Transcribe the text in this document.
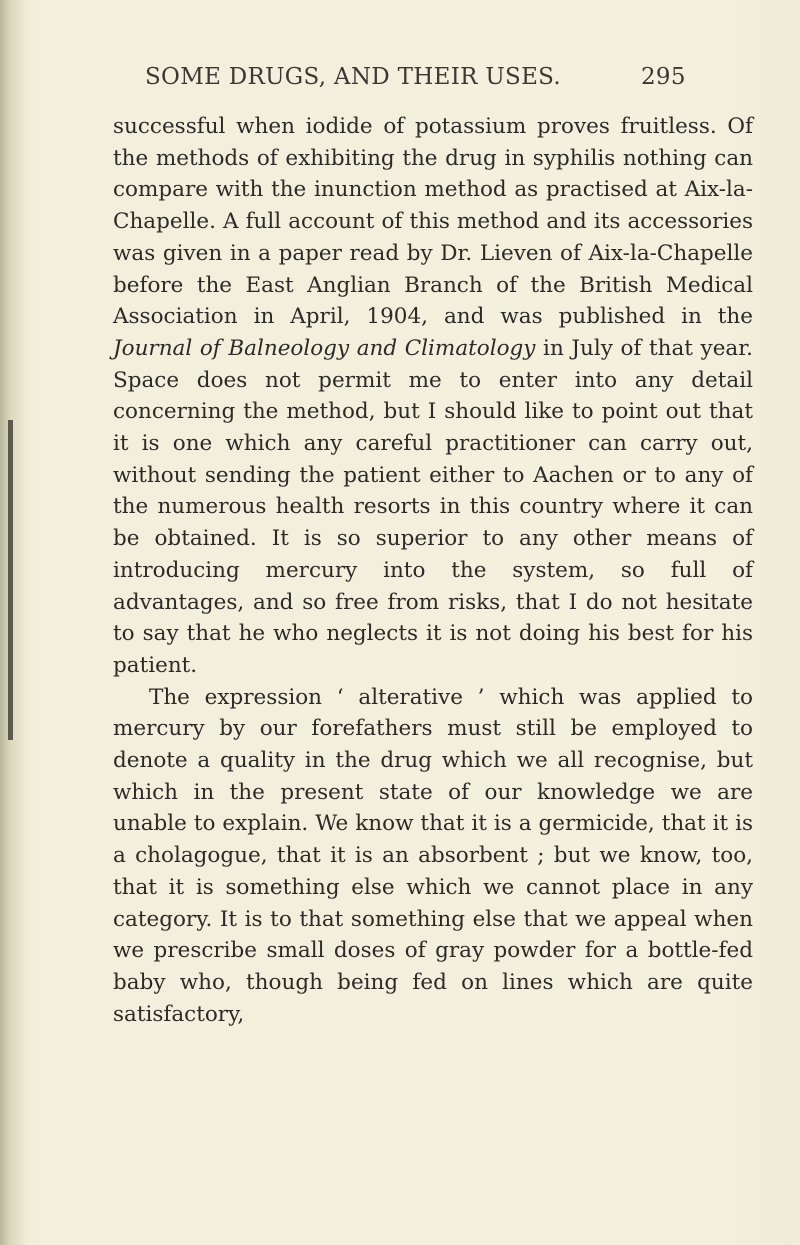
SOME DRUGS, AND THEIR USES.	295

successful when iodide of potassium proves fruitless. Of the methods of exhibiting the drug in syphilis nothing can compare with the inunction method as practised at Aix-la-Chapelle. A full account of this method and its accessories was given in a paper read by Dr. Lieven of Aix-la-Chapelle before the East Anglian Branch of the British Medical Association in April, 1904, and was published in the Journal of Balneology and Climatology in July of that year. Space does not permit me to enter into any detail concerning the method, but I should like to point out that it is one which any careful practitioner can carry out, without sending the patient either to Aachen or to any of the numerous health resorts in this country where it can be obtained. It is so superior to any other means of introducing mercury into the system, so full of advantages, and so free from risks, that I do not hesitate to say that he who neglects it is not doing his best for his patient.

The expression ‘ alterative ’ which was applied to mercury by our forefathers must still be employed to denote a quality in the drug which we all recognise, but which in the present state of our knowledge we are unable to explain. We know that it is a germicide, that it is a cholagogue, that it is an absorbent ; but we know, too, that it is something else which we cannot place in any category. It is to that something else that we appeal when we prescribe small doses of gray powder for a bottle-fed baby who, though being fed on lines which are quite satisfactory,
